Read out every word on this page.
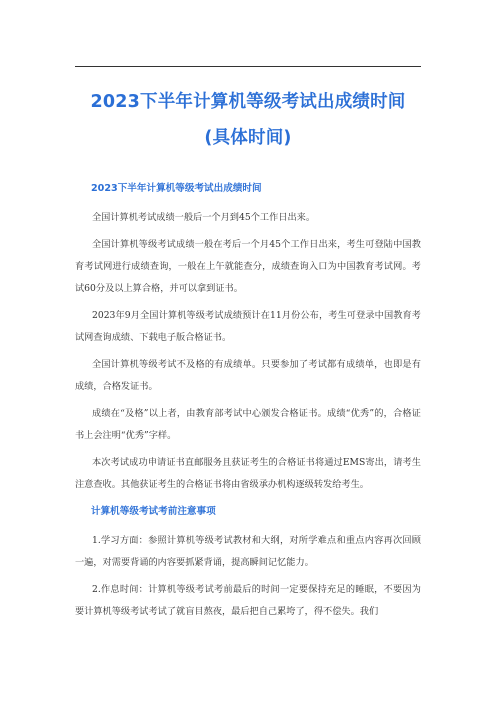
2023下半年计算机等级考试出成绩时间
(具体时间)
2023下半年计算机等级考试出成绩时间

全国计算机考试成绩一般后一个月到45个工作日出来。

全国计算机等级考试成绩一般在考后一个月45个工作日出来，考生可登陆中国教育考试网进行成绩查询，一般在上午就能查分，成绩查询入口为中国教育考试网。考试60分及以上算合格，并可以拿到证书。

2023年9月全国计算机等级考试成绩预计在11月份公布，考生可登录中国教育考试网查询成绩、下载电子版合格证书。

全国计算机等级考试不及格的有成绩单。只要参加了考试都有成绩单，也即是有成绩，合格发证书。

成绩在“及格”以上者，由教育部考试中心颁发合格证书。成绩“优秀”的，合格证书上会注明“优秀”字样。

本次考试成功申请证书直邮服务且获证考生的合格证书将通过EMS寄出，请考生注意查收。其他获证考生的合格证书将由省级承办机构逐级转发给考生。

计算机等级考试考前注意事项

1.学习方面：参照计算机等级考试教材和大纲，对所学难点和重点内容再次回顾一遍，对需要背诵的内容要抓紧背诵，提高瞬间记忆能力。

2.作息时间：计算机等级考试考前最后的时间一定要保持充足的睡眠，不要因为要计算机等级考试考试了就盲目熬夜，最后把自己累垮了，得不偿失。我们
